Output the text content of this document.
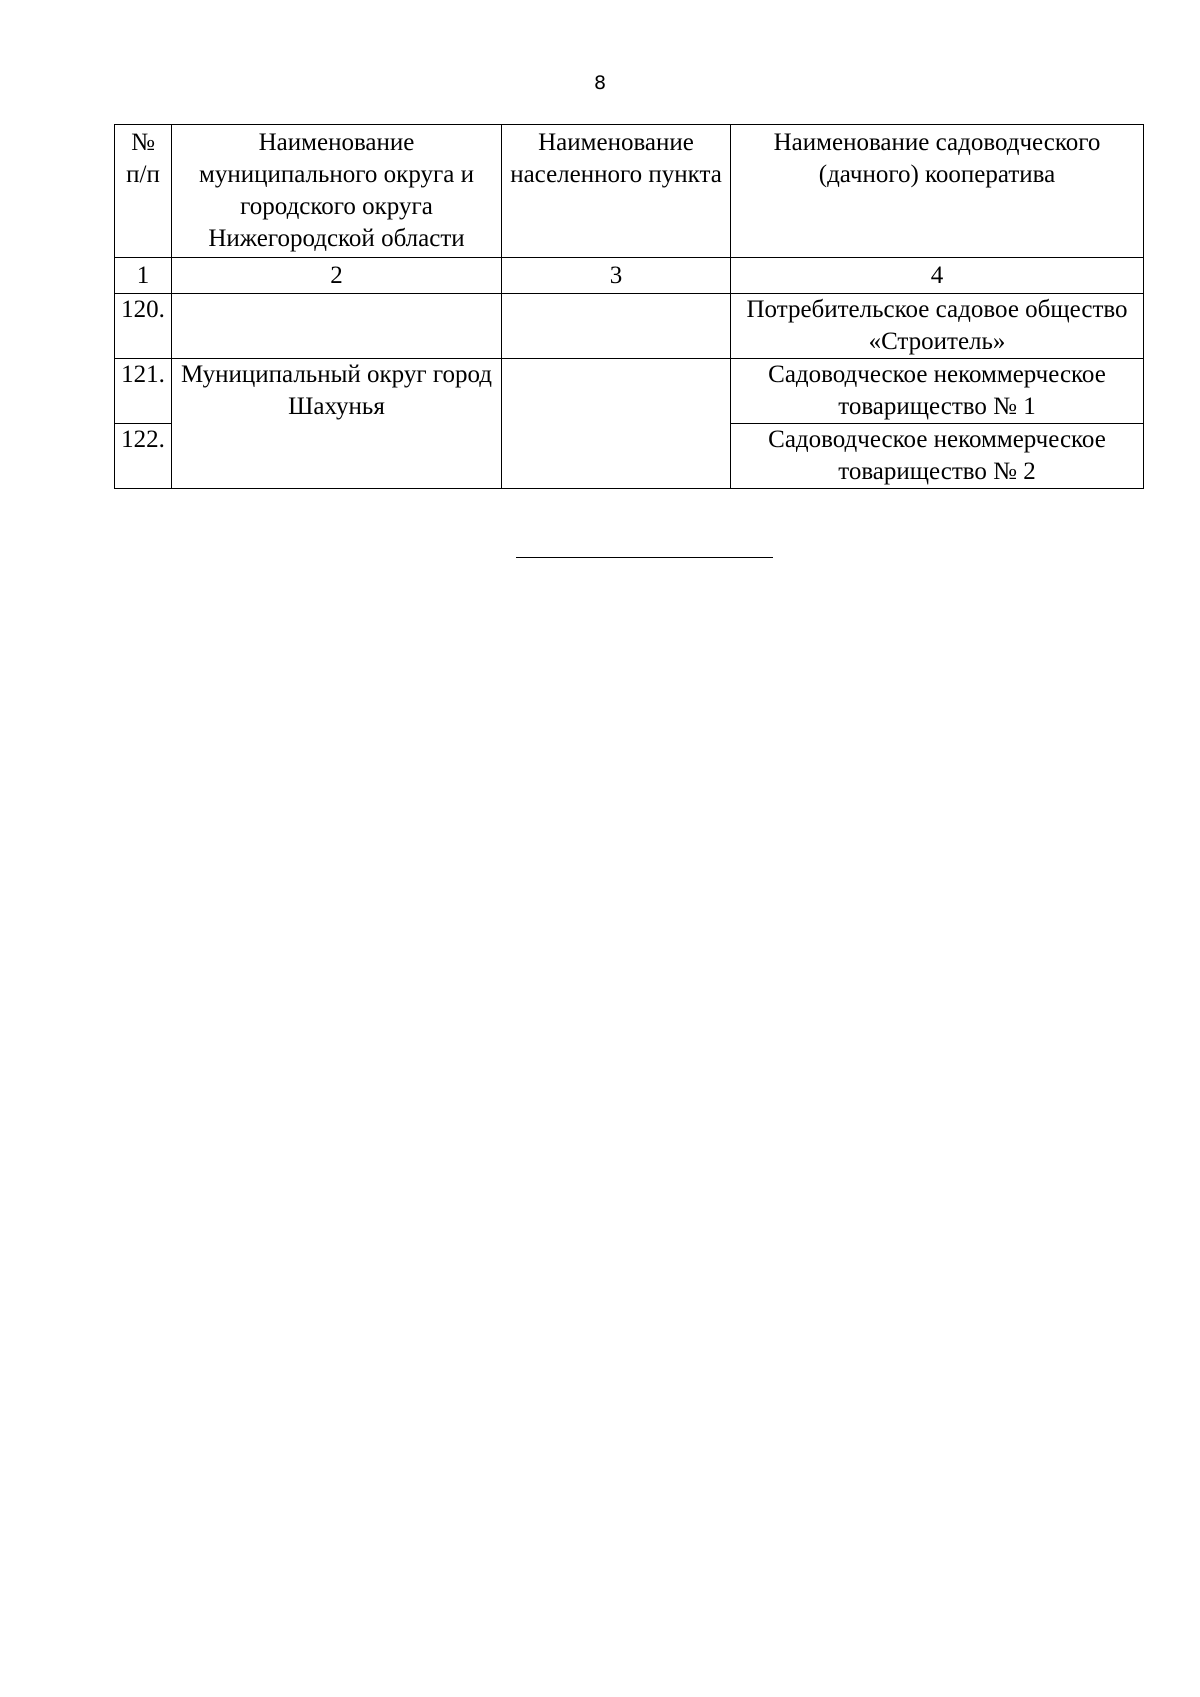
8
№ п/п	Наименование муниципального округа и городского округа Нижегородской области	Наименование населенного пункта	Наименование садоводческого (дачного) кооператива
1	2	3	4
120.			Потребительское садовое общество «Строитель»
121.	Муниципальный округ город Шахунья		Садоводческое некоммерческое товарищество № 1
122.			Садоводческое некоммерческое товарищество № 2
